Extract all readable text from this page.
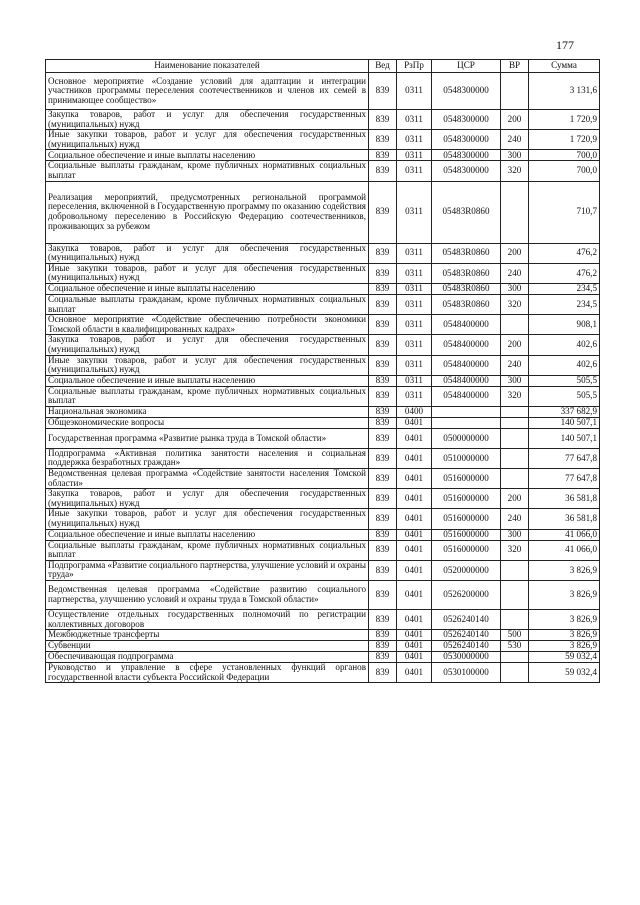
177
Наименование показателей	Вед	РзПр	ЦСР	ВР	Сумма
Основное мероприятие «Создание условий для адаптации и интеграции участников программы переселения соотечественников и членов их семей в принимающее сообщество»	839	0311	0548300000		3 131,6
Закупка товаров, работ и услуг для обеспечения государственных (муниципальных) нужд	839	0311	0548300000	200	1 720,9
Иные закупки товаров, работ и услуг для обеспечения государственных (муниципальных) нужд	839	0311	0548300000	240	1 720,9
Социальное обеспечение и иные выплаты населению	839	0311	0548300000	300	700,0
Социальные выплаты гражданам, кроме публичных нормативных социальных выплат	839	0311	0548300000	320	700,0
Реализация мероприятий, предусмотренных региональной программой переселения, включенной в Государственную программу по оказанию содействия добровольному переселению в Российскую Федерацию соотечественников, проживающих за рубежом	839	0311	05483R0860		710,7
Закупка товаров, работ и услуг для обеспечения государственных (муниципальных) нужд	839	0311	05483R0860	200	476,2
Иные закупки товаров, работ и услуг для обеспечения государственных (муниципальных) нужд	839	0311	05483R0860	240	476,2
Социальное обеспечение и иные выплаты населению	839	0311	05483R0860	300	234,5
Социальные выплаты гражданам, кроме публичных нормативных социальных выплат	839	0311	05483R0860	320	234,5
Основное мероприятие «Содействие обеспечению потребности экономики Томской области в квалифицированных кадрах»	839	0311	0548400000		908,1
Закупка товаров, работ и услуг для обеспечения государственных (муниципальных) нужд	839	0311	0548400000	200	402,6
Иные закупки товаров, работ и услуг для обеспечения государственных (муниципальных) нужд	839	0311	0548400000	240	402,6
Социальное обеспечение и иные выплаты населению	839	0311	0548400000	300	505,5
Социальные выплаты гражданам, кроме публичных нормативных социальных выплат	839	0311	0548400000	320	505,5
Национальная экономика	839	0400			337 682,9
Общеэкономические вопросы	839	0401			140 507,1
Государственная программа «Развитие рынка труда в Томской области»	839	0401	0500000000		140 507,1
Подпрограмма «Активная политика занятости населения и социальная поддержка безработных граждан»	839	0401	0510000000		77 647,8
Ведомственная целевая программа «Содействие занятости населения Томской области»	839	0401	0516000000		77 647,8
Закупка товаров, работ и услуг для обеспечения государственных (муниципальных) нужд	839	0401	0516000000	200	36 581,8
Иные закупки товаров, работ и услуг для обеспечения государственных (муниципальных) нужд	839	0401	0516000000	240	36 581,8
Социальное обеспечение и иные выплаты населению	839	0401	0516000000	300	41 066,0
Социальные выплаты гражданам, кроме публичных нормативных социальных выплат	839	0401	0516000000	320	41 066,0
Подпрограмма «Развитие социального партнерства, улучшение условий и охраны труда»	839	0401	0520000000		3 826,9
Ведомственная целевая программа «Содействие развитию социального партнерства, улучшению условий и охраны труда в Томской области»	839	0401	0526200000		3 826,9
Осуществление отдельных государственных полномочий по регистрации коллективных договоров	839	0401	0526240140		3 826,9
Межбюджетные трансферты	839	0401	0526240140	500	3 826,9
Субвенции	839	0401	0526240140	530	3 826,9
Обеспечивающая подпрограмма	839	0401	0530000000		59 032,4
Руководство и управление в сфере установленных функций органов государственной власти субъекта Российской Федерации	839	0401	0530100000		59 032,4
